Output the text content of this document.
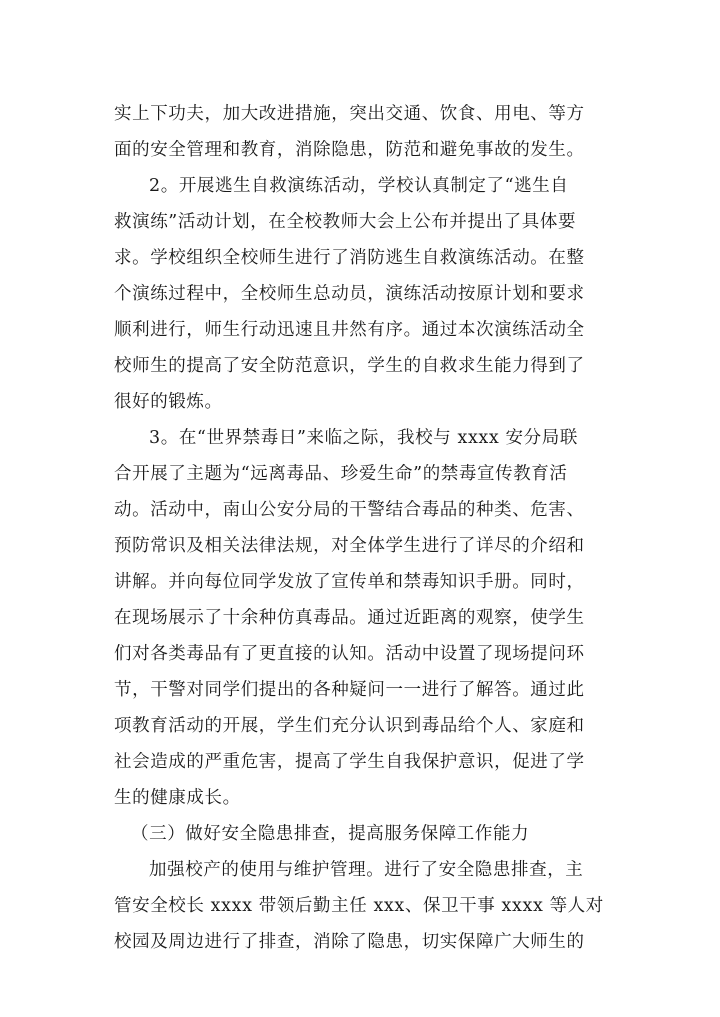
实上下功夫，加大改进措施，突出交通、饮食、用电、等方
面的安全管理和教育，消除隐患，防范和避免事故的发生。
2。开展逃生自救演练活动，学校认真制定了“逃生自
救演练”活动计划，在全校教师大会上公布并提出了具体要
求。学校组织全校师生进行了消防逃生自救演练活动。在整
个演练过程中，全校师生总动员，演练活动按原计划和要求
顺利进行，师生行动迅速且井然有序。通过本次演练活动全
校师生的提高了安全防范意识，学生的自救求生能力得到了
很好的锻炼。
3。在“世界禁毒日”来临之际，我校与 xxxx 安分局联
合开展了主题为“远离毒品、珍爱生命”的禁毒宣传教育活
动。活动中，南山公安分局的干警结合毒品的种类、危害、
预防常识及相关法律法规，对全体学生进行了详尽的介绍和
讲解。并向每位同学发放了宣传单和禁毒知识手册。同时，
在现场展示了十余种仿真毒品。通过近距离的观察，使学生
们对各类毒品有了更直接的认知。活动中设置了现场提问环
节，干警对同学们提出的各种疑问一一进行了解答。通过此
项教育活动的开展，学生们充分认识到毒品给个人、家庭和
社会造成的严重危害，提高了学生自我保护意识，促进了学
生的健康成长。
（三）做好安全隐患排查，提高服务保障工作能力
加强校产的使用与维护管理。进行了安全隐患排查，主
管安全校长 xxxx 带领后勤主任 xxx、保卫干事 xxxx 等人对
校园及周边进行了排查，消除了隐患，切实保障广大师生的
